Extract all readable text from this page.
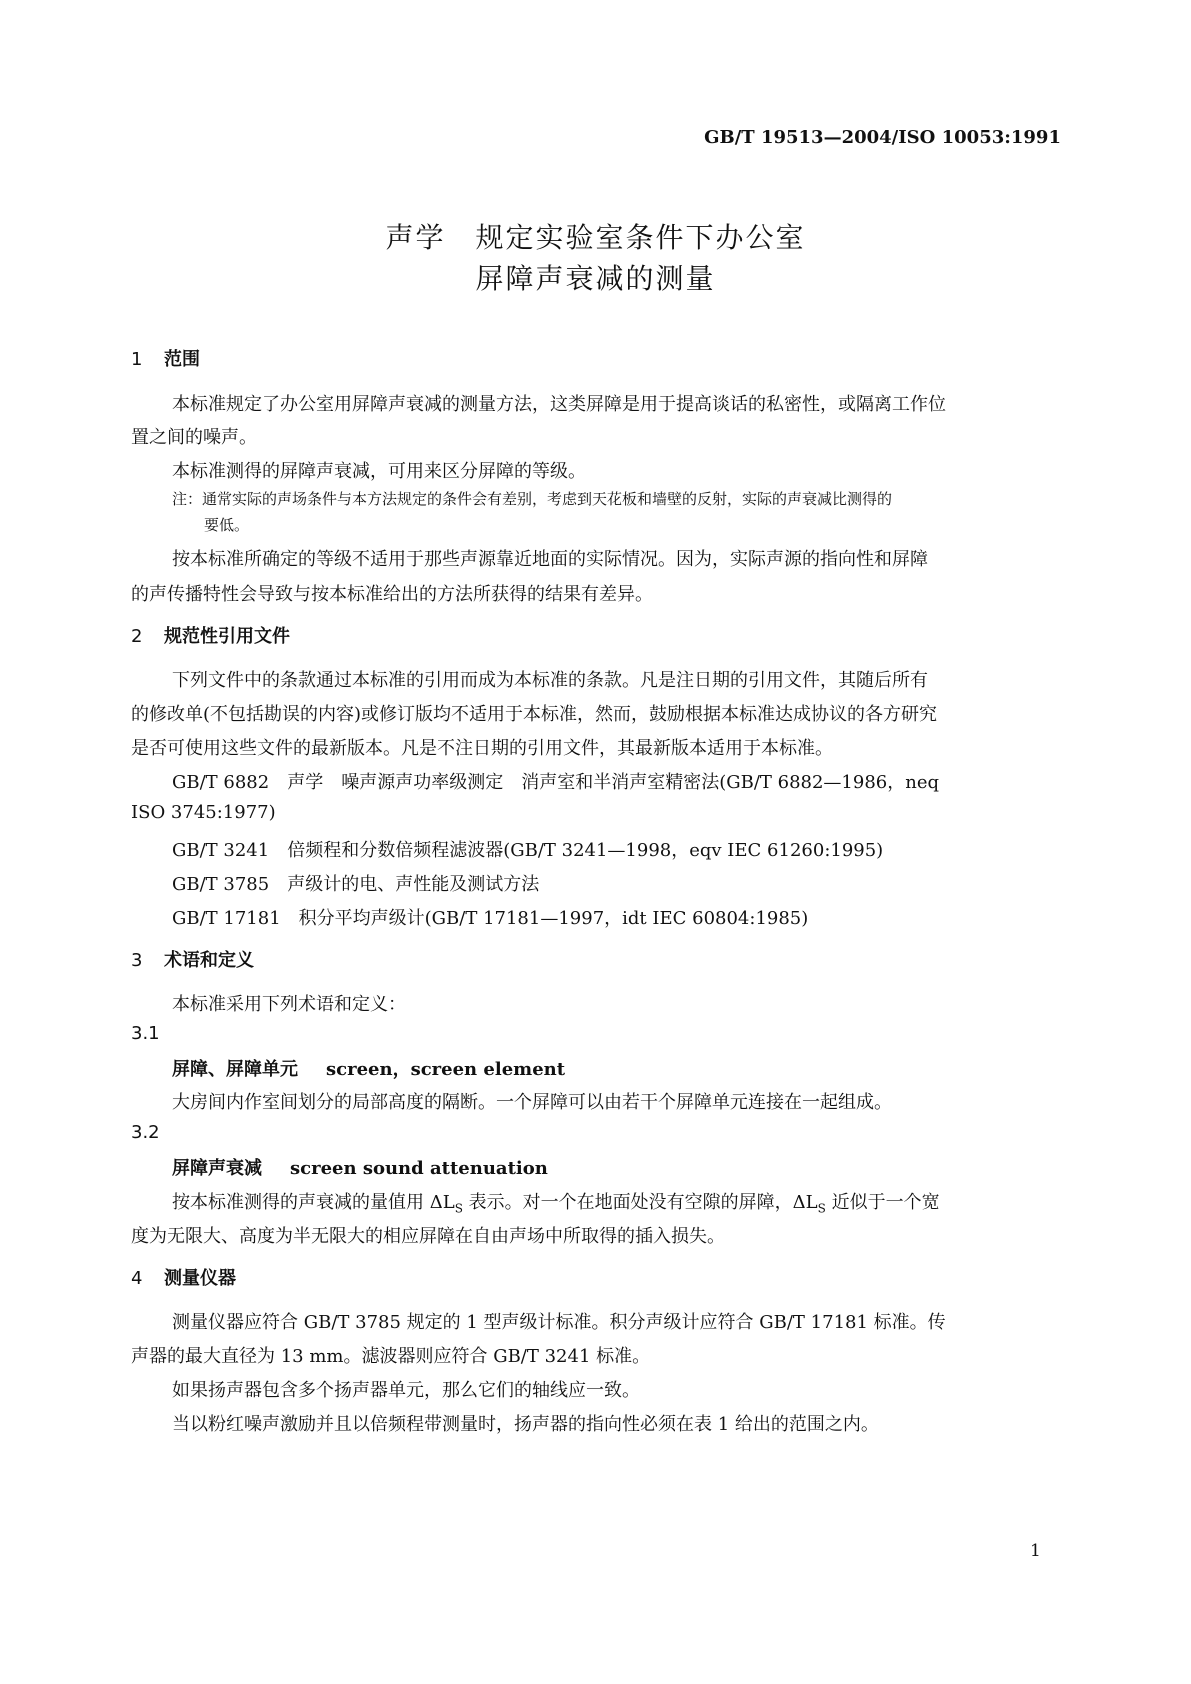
GB/T 19513—2004/ISO 10053:1991
声学　规定实验室条件下办公室
屏障声衰减的测量
1 范围
本标准规定了办公室用屏障声衰减的测量方法，这类屏障是用于提高谈话的私密性，或隔离工作位
置之间的噪声。
本标准测得的屏障声衰减，可用来区分屏障的等级。
注：通常实际的声场条件与本方法规定的条件会有差别，考虑到天花板和墙壁的反射，实际的声衰减比测得的
要低。
按本标准所确定的等级不适用于那些声源靠近地面的实际情况。因为，实际声源的指向性和屏障
的声传播特性会导致与按本标准给出的方法所获得的结果有差异。
2 规范性引用文件
下列文件中的条款通过本标准的引用而成为本标准的条款。凡是注日期的引用文件，其随后所有
的修改单(不包括勘误的内容)或修订版均不适用于本标准，然而，鼓励根据本标准达成协议的各方研究
是否可使用这些文件的最新版本。凡是不注日期的引用文件，其最新版本适用于本标准。
GB/T 6882　声学　噪声源声功率级测定　消声室和半消声室精密法(GB/T 6882—1986，neq
ISO 3745:1977)
GB/T 3241　倍频程和分数倍频程滤波器(GB/T 3241—1998，eqv IEC 61260:1995)
GB/T 3785　声级计的电、声性能及测试方法
GB/T 17181　积分平均声级计(GB/T 17181—1997，idt IEC 60804:1985)
3 术语和定义
本标准采用下列术语和定义：
3.1
屏障、屏障单元 screen，screen element
大房间内作室间划分的局部高度的隔断。一个屏障可以由若干个屏障单元连接在一起组成。
3.2
屏障声衰减 screen sound attenuation
按本标准测得的声衰减的量值用 $\Delta L_S$ 表示。对一个在地面处没有空隙的屏障，$\Delta L_S$ 近似于一个宽
度为无限大、高度为半无限大的相应屏障在自由声场中所取得的插入损失。
4 测量仪器
测量仪器应符合 GB/T 3785 规定的 1 型声级计标准。积分声级计应符合 GB/T 17181 标准。传
声器的最大直径为 13 mm。滤波器则应符合 GB/T 3241 标准。
如果扬声器包含多个扬声器单元，那么它们的轴线应一致。
当以粉红噪声激励并且以倍频程带测量时，扬声器的指向性必须在表 1 给出的范围之内。
1
